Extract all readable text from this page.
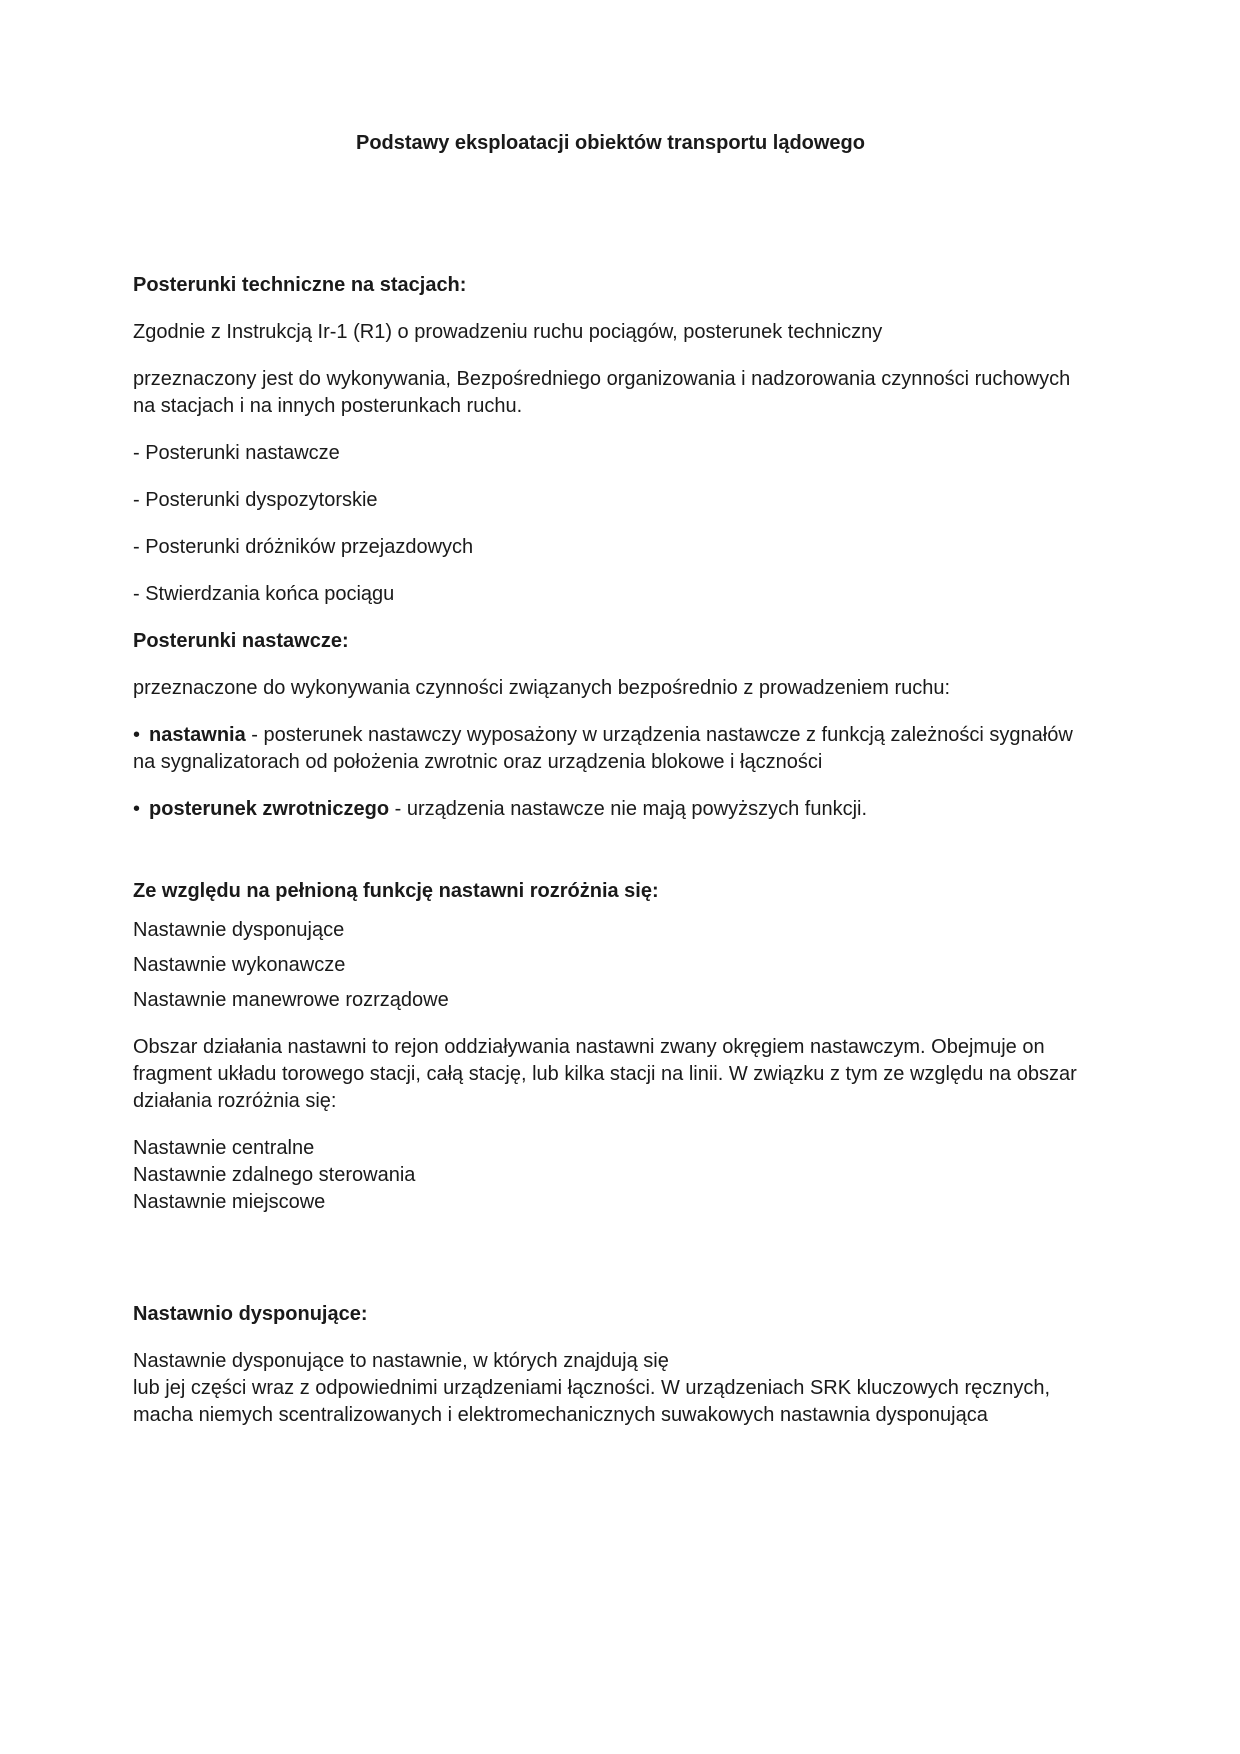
Podstawy eksploatacji obiektów transportu lądowego

Posterunki techniczne na stacjach:

Zgodnie z Instrukcją Ir-1 (R1) o prowadzeniu ruchu pociągów, posterunek techniczny

przeznaczony jest do wykonywania, Bezpośredniego organizowania i nadzorowania czynności ruchowych na stacjach i na innych posterunkach ruchu.

- Posterunki nastawcze

- Posterunki dyspozytorskie

- Posterunki dróżników przejazdowych

- Stwierdzania końca pociągu

Posterunki nastawcze:

przeznaczone do wykonywania czynności związanych bezpośrednio z prowadzeniem ruchu:

• nastawnia - posterunek nastawczy wyposażony w urządzenia nastawcze z funkcją zależności sygnałów na sygnalizatorach od położenia zwrotnic oraz urządzenia blokowe i łączności

• posterunek zwrotniczego - urządzenia nastawcze nie mają powyższych funkcji.

Ze względu na pełnioną funkcję nastawni rozróżnia się:

Nastawnie dysponujące

Nastawnie wykonawcze

Nastawnie manewrowe rozrządowe

Obszar działania nastawni to rejon oddziaływania nastawni zwany okręgiem nastawczym. Obejmuje on fragment układu torowego stacji, całą stację, lub kilka stacji na linii. W związku z tym ze względu na obszar działania rozróżnia się:

Nastawnie centralne

Nastawnie zdalnego sterowania

Nastawnie miejscowe

Nastawnio dysponujące:

Nastawnie dysponujące to nastawnie, w których znajdują się

lub jej części wraz z odpowiednimi urządzeniami łączności. W urządzeniach SRK kluczowych ręcznych,

macha niemych scentralizowanych i elektromechanicznych suwakowych nastawnia dysponująca
